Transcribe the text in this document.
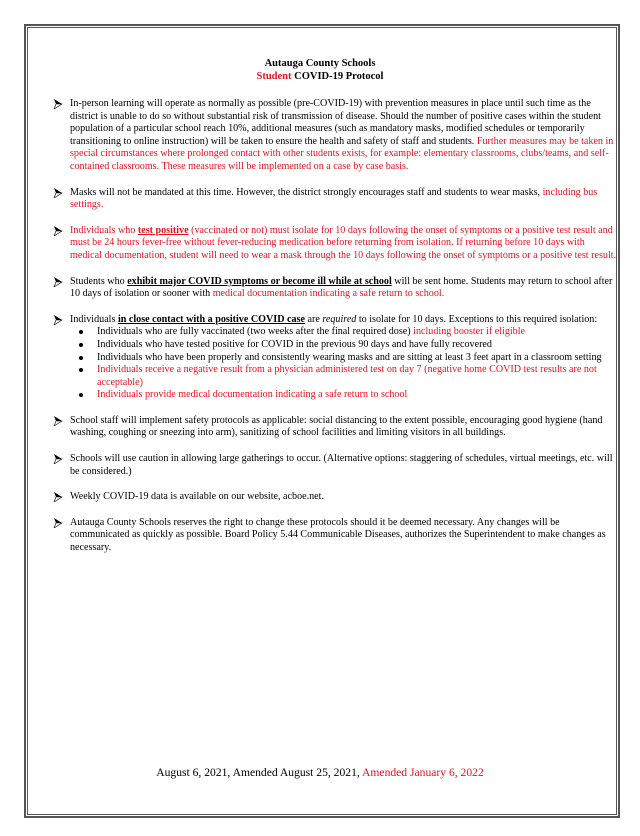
Autauga County Schools
Student COVID-19 Protocol
In-person learning will operate as normally as possible (pre-COVID-19) with prevention measures in place until such time as the district is unable to do so without substantial risk of transmission of disease. Should the number of positive cases within the student population of a particular school reach 10%, additional measures (such as mandatory masks, modified schedules or temporarily transitioning to online instruction) will be taken to ensure the health and safety of staff and students. Further measures may be taken in special circumstances where prolonged contact with other students exists, for example: elementary classrooms, clubs/teams, and self-contained classrooms. These measures will be implemented on a case by case basis.
Masks will not be mandated at this time. However, the district strongly encourages staff and students to wear masks, including bus settings.
Individuals who test positive (vaccinated or not) must isolate for 10 days following the onset of symptoms or a positive test result and must be 24 hours fever-free without fever-reducing medication before returning from isolation. If returning before 10 days with medical documentation, student will need to wear a mask through the 10 days following the onset of symptoms or a positive test result.
Students who exhibit major COVID symptoms or become ill while at school will be sent home. Students may return to school after 10 days of isolation or sooner with medical documentation indicating a safe return to school.
Individuals in close contact with a positive COVID case are required to isolate for 10 days. Exceptions to this required isolation:
Individuals who are fully vaccinated (two weeks after the final required dose) including booster if eligible
Individuals who have tested positive for COVID in the previous 90 days and have fully recovered
Individuals who have been properly and consistently wearing masks and are sitting at least 3 feet apart in a classroom setting
Individuals receive a negative result from a physician administered test on day 7 (negative home COVID test results are not acceptable)
Individuals provide medical documentation indicating a safe return to school
School staff will implement safety protocols as applicable: social distancing to the extent possible, encouraging good hygiene (hand washing, coughing or sneezing into arm), sanitizing of school facilities and limiting visitors in all buildings.
Schools will use caution in allowing large gatherings to occur. (Alternative options: staggering of schedules, virtual meetings, etc. will be considered.)
Weekly COVID-19 data is available on our website, acboe.net.
Autauga County Schools reserves the right to change these protocols should it be deemed necessary. Any changes will be communicated as quickly as possible. Board Policy 5.44 Communicable Diseases, authorizes the Superintendent to make changes as necessary.
August 6, 2021, Amended August 25, 2021, Amended January 6, 2022
